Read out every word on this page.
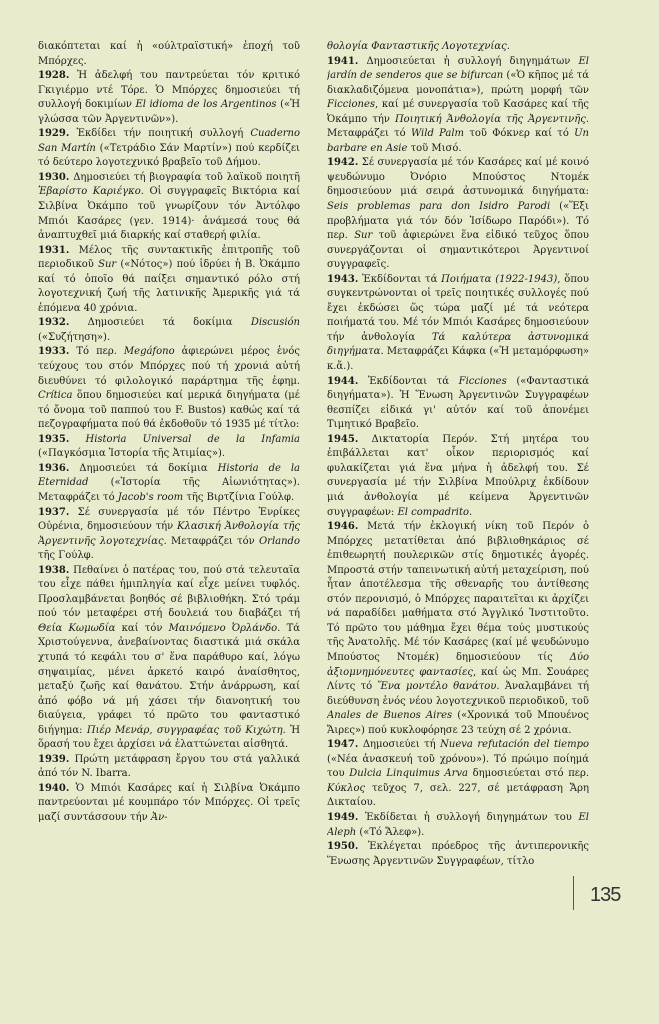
διακόπτεται καί ἡ «ούλτραϊστική» ἐποχή τοῦ Μπόρχες.

1928. Ἡ ἀδελφή του παντρεύεται τόν κριτικό Γκιγιέρμο ντέ Τόρε. Ὁ Μπόρχες δημοσιεύει τή συλλογή δοκιμίων El idioma de los Argentinos («Ἡ γλώσσα τῶν Ἀργεντινῶν»).

1929. Ἐκδίδει τήν ποιητική συλλογή Cuaderno San Martín («Τετράδιο Σάν Μαρτίν») πού κερδίζει τό δεύτερο λογοτεχνικό βραβεῖο τοῦ Δήμου.

1930. Δημοσιεύει τή βιογραφία τοῦ λαϊκοῦ ποιητῆ Ἐβαρίστο Καριέγκο. Οἱ συγγραφεῖς Βικτόρια καί Σιλβίνα Ὀκάμπο τοῦ γνωρίζουν τόν Ἀντόλφο Μπιόι Κασάρες (γεν. 1914)· ἀνάμεσά τους θά ἀναπτυχθεῖ μιά διαρκής καί σταθερή φιλία.

1931. Μέλος τῆς συντακτικῆς ἐπιτροπῆς τοῦ περιοδικοῦ Sur («Νότος») πού ἱδρύει ἡ Β. Ὀκάμπο καί τό ὁποῖο θά παίξει σημαντικό ρόλο στή λογοτεχνική ζωή τῆς λατινικῆς Ἀμερικῆς γιά τά ἑπόμενα 40 χρόνια.

1932. Δημοσιεύει τά δοκίμια Discusión («Συζήτηση»).

1933. Τό περ. Megáfono ἀφιερώνει μέρος ἑνός τεύχους του στόν Μπόρχες πού τή χρονιά αὐτή διευθύνει τό φιλολογικό παράρτημα τῆς ἐφημ. Crítica ὅπου δημοσιεύει καί μερικά διηγήματα (μέ τό ὄνομα τοῦ παππού του F. Bustos) καθώς καί τά πεζογραφήματα πού θά ἐκδοθοῦν τό 1935 μέ τίτλο:

1935. Historia Universal de la Infamia («Παγκόσμια Ἱστορία τῆς Ἀτιμίας»).

1936. Δημοσιεύει τά δοκίμια Historia de la Eternidad («Ἱστορία τῆς Αἰωνιότητας»). Μεταφράζει τό Jacob's room τῆς Βιρτζίνια Γούλφ.

1937. Σέ συνεργασία μέ τόν Πέντρο Ἑνρίκες Οὐρένια, δημοσιεύουν τήν Κλασική Ἀνθολογία τῆς Ἀργεντινῆς λογοτεχνίας. Μεταφράζει τόν Orlando τῆς Γούλφ.

1938. Πεθαίνει ὁ πατέρας του, πού στά τελευταῖα του εἶχε πάθει ἡμιπληγία καί εἶχε μείνει τυφλός. Προσλαμβάνεται βοηθός σέ βιβλιοθήκη. Στό τράμ πού τόν μεταφέρει στή δουλειά του διαβάζει τή Θεία Κωμωδία καί τόν Μαινόμενο Ὀρλάνδο. Τά Χριστούγεννα, ἀνεβαίνοντας διαστικά μιά σκάλα χτυπά τό κεφάλι του σ' ἕνα παράθυρο καί, λόγω σηψαιμίας, μένει ἀρκετό καιρό ἀναίσθητος, μεταξύ ζωῆς καί θανάτου. Στήν ἀνάρρωση, καί ἀπό φόβο νά μή χάσει τήν διανοητική του διαύγεια, γράφει τό πρῶτο του φανταστικό διήγημα: Πιέρ Μενάρ, συγγραφέας τοῦ Κιχώτη. Ἡ ὅρασή του ἔχει ἀρχίσει νά ἐλαττώνεται αἰσθητά.

1939. Πρώτη μετάφραση ἔργου του στά γαλλικά ἀπό τόν N. Ibarra.

1940. Ὁ Μπιόι Κασάρες καί ἡ Σιλβίνα Ὀκάμπο παντρεύονται μέ κουμπάρο τόν Μπόρχες. Οἱ τρεῖς μαζί συντάσσουν τήν Ἀν-

θολογία Φανταστικῆς Λογοτεχνίας.

1941. Δημοσιεύεται ἡ συλλογή διηγημάτων El jardín de senderos que se bifurcan («Ὁ κῆπος μέ τά διακλαδιζόμενα μονοπάτια»), πρώτη μορφή τῶν Ficciones, καί μέ συνεργασία τοῦ Κασάρες καί τῆς Ὀκάμπο τήν Ποιητική Ἀνθολογία τῆς Ἀργεντινῆς. Μεταφράζει τό Wild Palm τοῦ Φόκνερ καί τό Un barbare en Asie τοῦ Μισό.

1942. Σέ συνεργασία μέ τόν Κασάρες καί μέ κοινό ψευδώνυμο Ὀνόριο Μπούστος Ντομέκ δημοσιεύουν μιά σειρά ἀστυνομικά διηγήματα: Seis problemas para don Isidro Parodi («Ἕξι προβλήματα γιά τόν δόν Ἰσίδωρο Παρόδι»). Τό περ. Sur τοῦ ἀφιερώνει ἕνα εἰδικό τεῦχος ὅπου συνεργάζονται οἱ σημαντικότεροι Ἀργεντινοί συγγραφεῖς.

1943. Ἐκδίδονται τά Ποιήματα (1922-1943), ὅπου συγκεντρώνονται οἱ τρεῖς ποιητικές συλλογές πού ἔχει ἐκδώσει ὥς τώρα μαζί μέ τά νεότερα ποιήματά του. Μέ τόν Μπιόι Κασάρες δημοσιεύουν τήν ἀνθολογία Τά καλύτερα ἀστυνομικά διηγήματα. Μεταφράζει Κάφκα («Ἡ μεταμόρφωση» κ.ἄ.).

1944. Ἐκδίδονται τά Ficciones («Φανταστικά διηγήματα»). Ἡ Ἕνωση Ἀργεντινῶν Συγγραφέων θεσπίζει εἰδικά γι' αὐτόν καί τοῦ ἀπονέμει Τιμητικό Βραβεῖο.

1945. Δικτατορία Περόν. Στή μητέρα του ἐπιβάλλεται κατ' οἶκον περιορισμός καί φυλακίζεται γιά ἕνα μήνα ἡ ἀδελφή του. Σέ συνεργασία μέ τήν Σιλβίνα Μπούλριχ ἐκδίδουν μιά ἀνθολογία μέ κείμενα Ἀργεντινῶν συγγραφέων: El compadrito.

1946. Μετά τήν ἐκλογική νίκη τοῦ Περόν ὁ Μπόρχες μετατίθεται ἀπό βιβλιοθηκάριος σέ ἐπιθεωρητή πουλερικῶν στίς δημοτικές ἀγορές. Μπροστά στήν ταπεινωτική αὐτή μεταχείριση, πού ἦταν ἀποτέλεσμα τῆς σθεναρῆς του ἀντίθεσης στόν περονισμό, ὁ Μπόρχες παραιτεῖται κι ἀρχίζει νά παραδίδει μαθήματα στό Ἀγγλικό Ἰνστιτοῦτο. Τό πρῶτο του μάθημα ἔχει θέμα τούς μυστικούς τῆς Ἀνατολῆς. Μέ τόν Κασάρες (καί μέ ψευδώνυμο Μπούστος Ντομέκ) δημοσιεύουν τίς Δύο ἀξιομνημόνευτες φαντασίες, καί ὡς Μπ. Σουάρες Λίντς τό Ἕνα μοντέλο θανάτου. Ἀναλαμβάνει τή διεύθυνση ἑνός νέου λογοτεχνικοῦ περιοδικοῦ, τοῦ Anales de Buenos Aires («Χρονικά τοῦ Μπουένος Ἄιρες») πού κυκλοφόρησε 23 τεύχη σέ 2 χρόνια.

1947. Δημοσιεύει τή Nueva refutación del tiempo («Νέα ἀνασκευή τοῦ χρόνου»). Τό πρώιμο ποίημά του Dulcia Linquimus Arva δημοσιεύεται στό περ. Κύκλος τεῦχος 7, σελ. 227, σέ μετάφραση Ἄρη Δικταίου.

1949. Ἐκδίδεται ἡ συλλογή διηγημάτων του El Aleph («Τό Ἄλεφ»).

1950. Ἐκλέγεται πρόεδρος τῆς ἀντιπερονικῆς Ἕνωσης Ἀργεντινῶν Συγγραφέων, τίτλο

135
